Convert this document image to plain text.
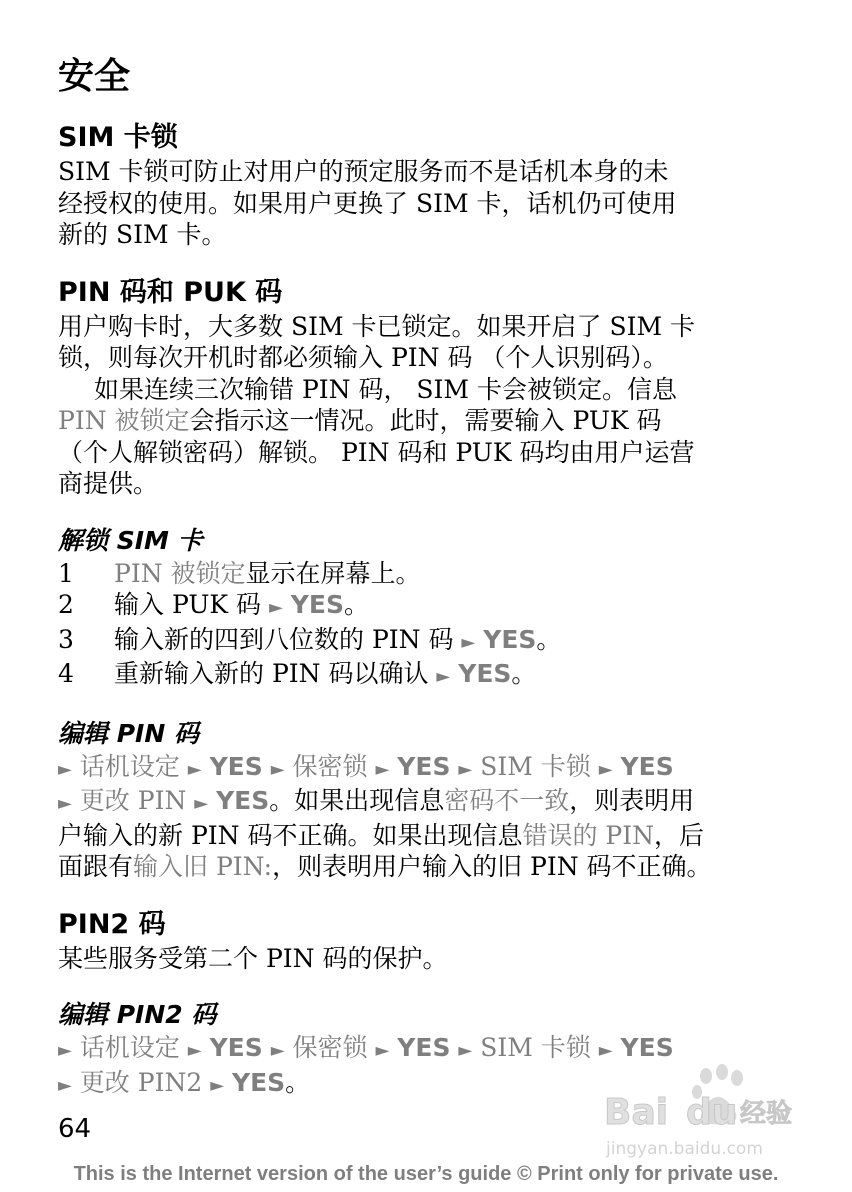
安全
SIM 卡锁
SIM 卡锁可防止对用户的预定服务而不是话机本身的未
经授权的使用。如果用户更换了 SIM 卡，话机仍可使用
新的 SIM 卡。
PIN 码和 PUK 码
用户购卡时，大多数 SIM 卡已锁定。如果开启了 SIM 卡
锁，则每次开机时都必须输入 PIN 码 （个人识别码）。
如果连续三次输错 PIN 码， SIM 卡会被锁定。信息
PIN 被锁定会指示这一情况。此时，需要输入 PUK 码
（个人解锁密码）解锁。 PIN 码和 PUK 码均由用户运营
商提供。
解锁 SIM 卡
1	PIN 被锁定显示在屏幕上。
2	输入 PUK 码 ► YES。
3	输入新的四到八位数的 PIN 码 ► YES。
4	重新输入新的 PIN 码以确认 ► YES。
编辑 PIN 码
► 话机设定 ► YES ► 保密锁 ► YES ► SIM 卡锁 ► YES
► 更改 PIN ► YES。如果出现信息密码不一致，则表明用
户输入的新 PIN 码不正确。如果出现信息错误的 PIN，后
面跟有输入旧 PIN:，则表明用户输入的旧 PIN 码不正确。
PIN2 码
某些服务受第二个 PIN 码的保护。
编辑 PIN2 码
► 话机设定 ► YES ► 保密锁 ► YES ► SIM 卡锁 ► YES
► 更改 PIN2 ► YES。
64	Bai du 经验
jingyan.baidu.com
This is the Internet version of the user’s guide © Print only for private use.
